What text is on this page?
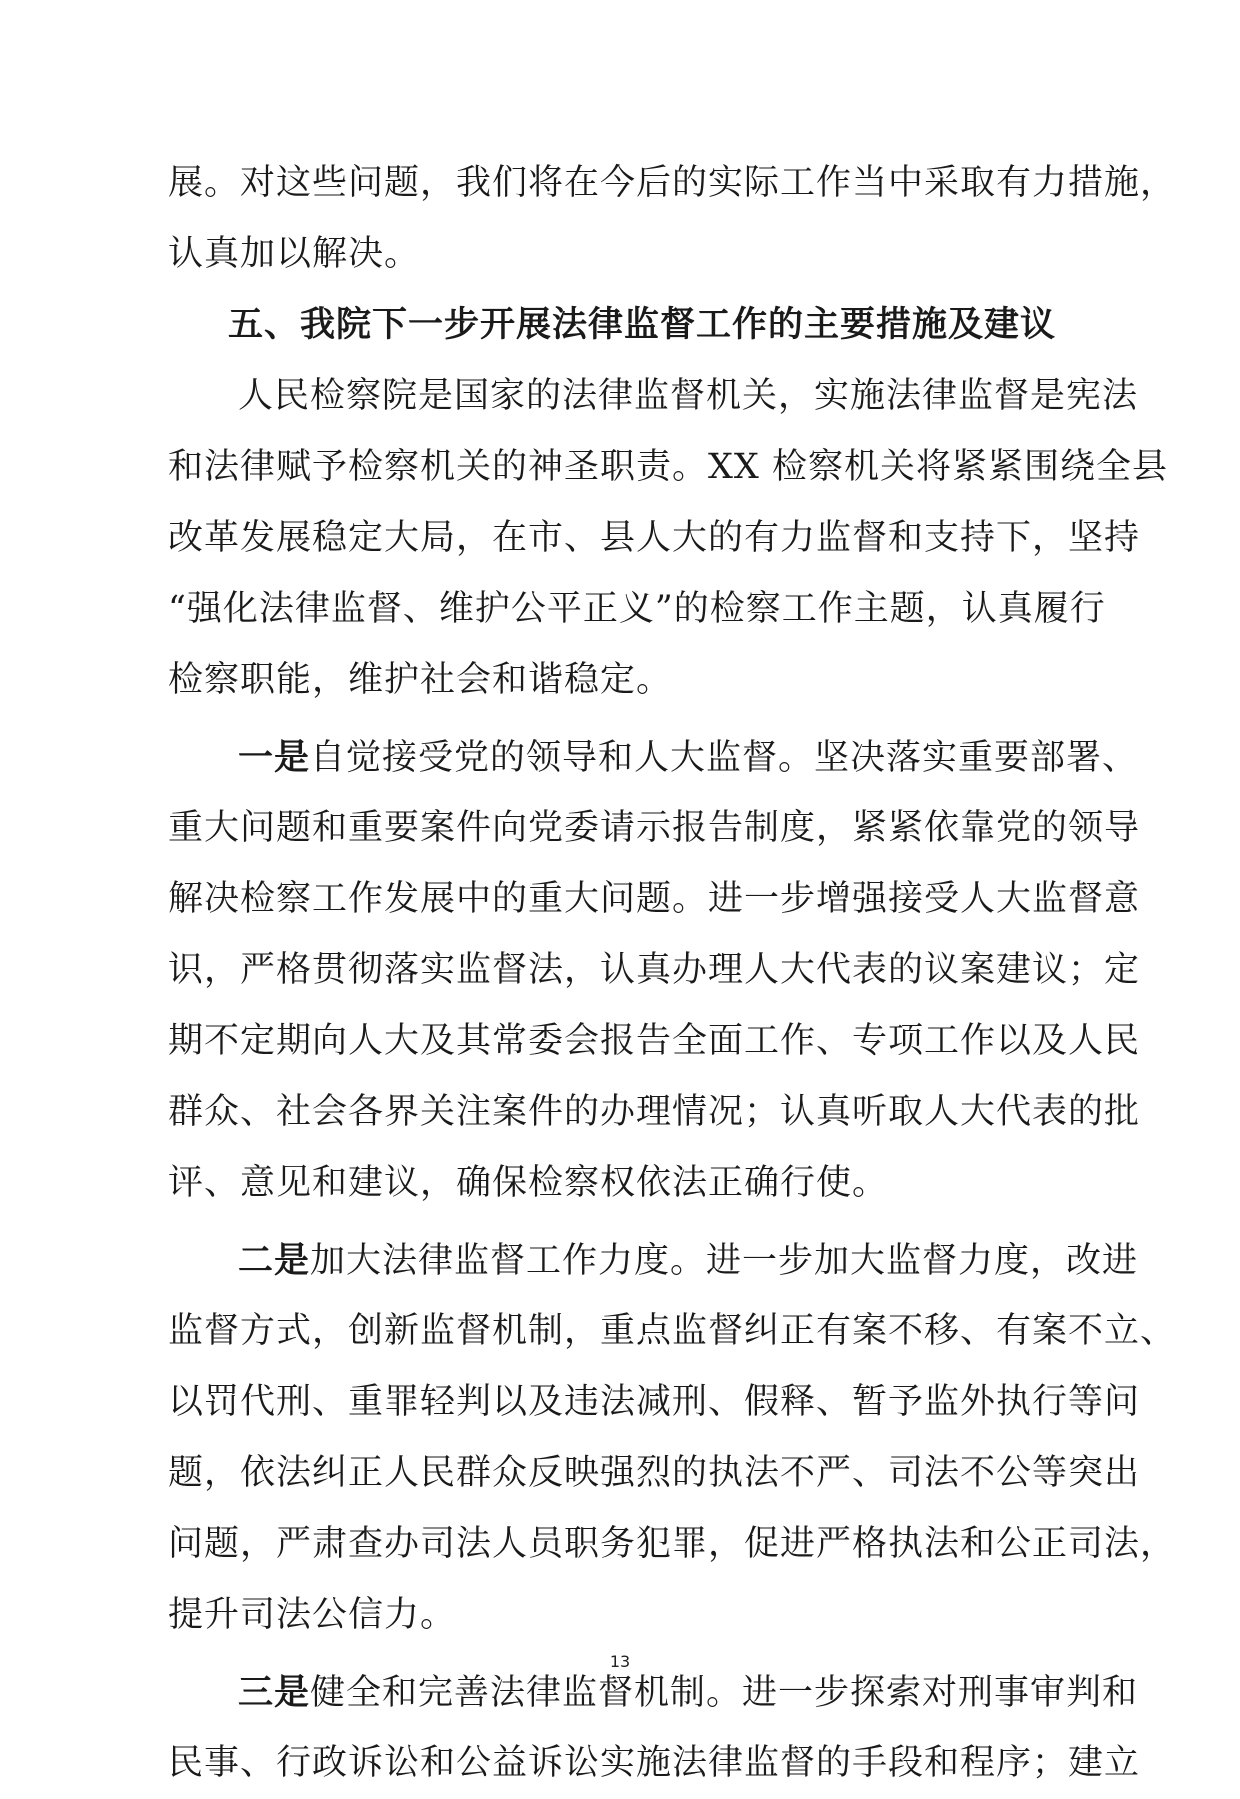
展。对这些问题，我们将在今后的实际工作当中采取有力措施，
认真加以解决。
五、我院下一步开展法律监督工作的主要措施及建议
人民检察院是国家的法律监督机关，实施法律监督是宪法
和法律赋予检察机关的神圣职责。XX 检察机关将紧紧围绕全县
改革发展稳定大局，在市、县人大的有力监督和支持下，坚持
“强化法律监督、维护公平正义”的检察工作主题，认真履行
检察职能，维护社会和谐稳定。
一是自觉接受党的领导和人大监督。坚决落实重要部署、
重大问题和重要案件向党委请示报告制度，紧紧依靠党的领导
解决检察工作发展中的重大问题。进一步增强接受人大监督意
识，严格贯彻落实监督法，认真办理人大代表的议案建议；定
期不定期向人大及其常委会报告全面工作、专项工作以及人民
群众、社会各界关注案件的办理情况；认真听取人大代表的批
评、意见和建议，确保检察权依法正确行使。
二是加大法律监督工作力度。进一步加大监督力度，改进
监督方式，创新监督机制，重点监督纠正有案不移、有案不立、
以罚代刑、重罪轻判以及违法减刑、假释、暂予监外执行等问
题，依法纠正人民群众反映强烈的执法不严、司法不公等突出
问题，严肃查办司法人员职务犯罪，促进严格执法和公正司法，
提升司法公信力。
三是健全和完善法律监督机制。进一步探索对刑事审判和
民事、行政诉讼和公益诉讼实施法律监督的手段和程序；建立
13
